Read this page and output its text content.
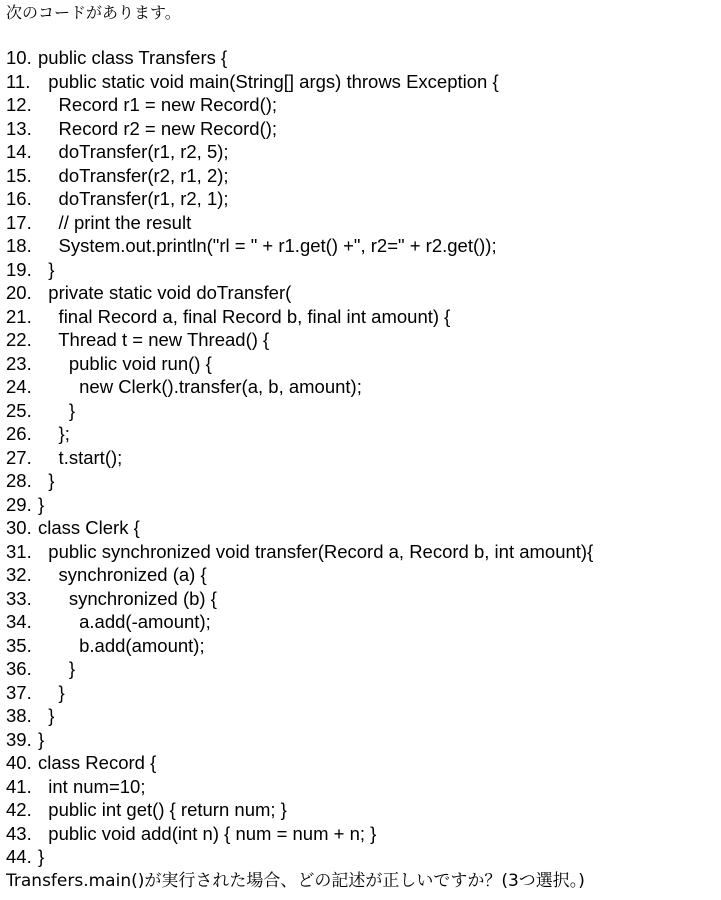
次のコードがあります。
10. public class Transfers {
11.  public static void main(String[] args) throws Exception {
12.    Record r1 = new Record();
13.    Record r2 = new Record();
14.    doTransfer(r1, r2, 5);
15.    doTransfer(r2, r1, 2);
16.    doTransfer(r1, r2, 1);
17.    // print the result
18.    System.out.println("rl = " + r1.get() +", r2=" + r2.get());
19.  }
20.  private static void doTransfer(
21.    final Record a, final Record b, final int amount) {
22.    Thread t = new Thread() {
23.      public void run() {
24.        new Clerk().transfer(a, b, amount);
25.      }
26.    };
27.    t.start();
28.  }
29. }
30. class Clerk {
31.  public synchronized void transfer(Record a, Record b, int amount){
32.    synchronized (a) {
33.      synchronized (b) {
34.        a.add(-amount);
35.        b.add(amount);
36.      }
37.    }
38.  }
39. }
40. class Record {
41.  int num=10;
42.  public int get() { return num; }
43.  public void add(int n) { num = num + n; }
44. }
Transfers.main()が実行された場合、どの記述が正しいですか？(3つ選択。)
